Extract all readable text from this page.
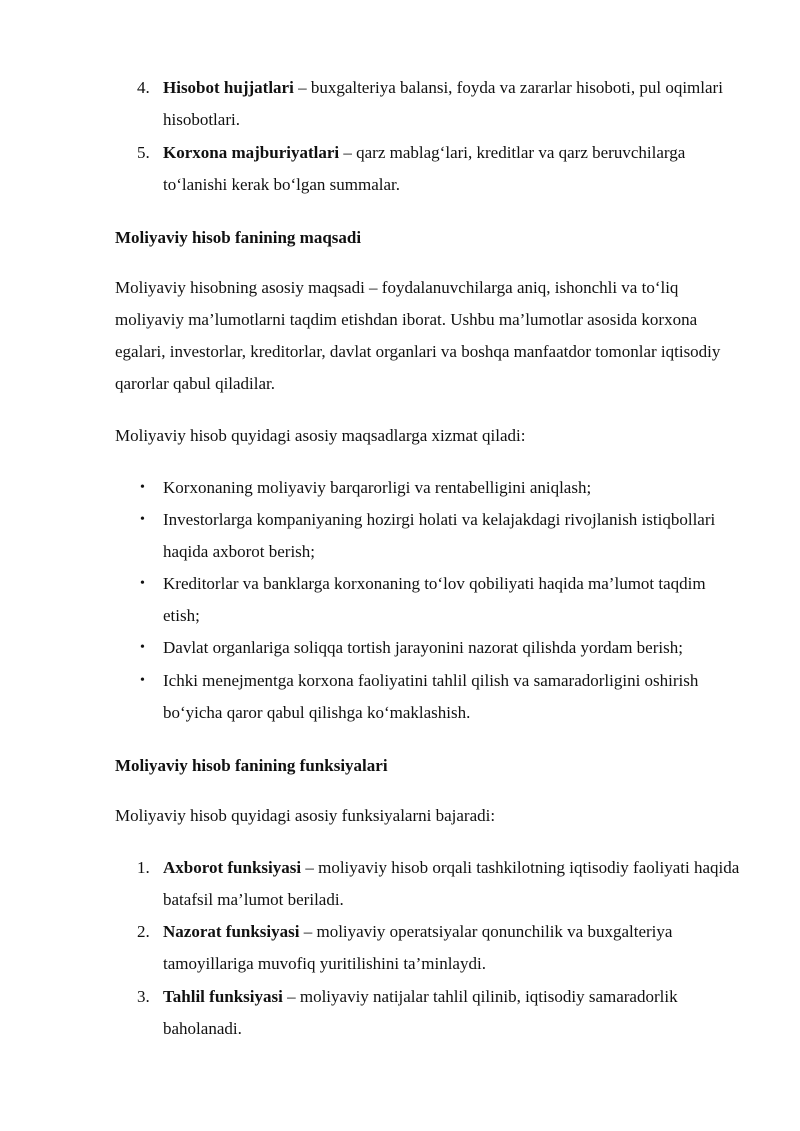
4. Hisobot hujjatlari – buxgalteriya balansi, foyda va zararlar hisoboti, pul oqimlari hisobotlari.
5. Korxona majburiyatlari – qarz mablag‘lari, kreditlar va qarz beruvchilarga to‘lanishi kerak bo‘lgan summalar.
Moliyaviy hisob fanining maqsadi
Moliyaviy hisobning asosiy maqsadi – foydalanuvchilarga aniq, ishonchli va to‘liq moliyaviy ma’lumotlarni taqdim etishdan iborat. Ushbu ma’lumotlar asosida korxona egalari, investorlar, kreditorlar, davlat organlari va boshqa manfaatdor tomonlar iqtisodiy qarorlar qabul qiladilar.
Moliyaviy hisob quyidagi asosiy maqsadlarga xizmat qiladi:
• Korxonaning moliyaviy barqarorligi va rentabelligini aniqlash;
• Investorlarga kompaniyaning hozirgi holati va kelajakdagi rivojlanish istiqbollari haqida axborot berish;
• Kreditorlar va banklarga korxonaning to‘lov qobiliyati haqida ma’lumot taqdim etish;
• Davlat organlariga soliqqa tortish jarayonini nazorat qilishda yordam berish;
• Ichki menejmentga korxona faoliyatini tahlil qilish va samaradorligini oshirish bo‘yicha qaror qabul qilishga ko‘maklashish.
Moliyaviy hisob fanining funksiyalari
Moliyaviy hisob quyidagi asosiy funksiyalarni bajaradi:
1. Axborot funksiyasi – moliyaviy hisob orqali tashkilotning iqtisodiy faoliyati haqida batafsil ma’lumot beriladi.
2. Nazorat funksiyasi – moliyaviy operatsiyalar qonunchilik va buxgalteriya tamoyillariga muvofiq yuritilishini ta’minlaydi.
3. Tahlil funksiyasi – moliyaviy natijalar tahlil qilinib, iqtisodiy samaradorlik baholanadi.
